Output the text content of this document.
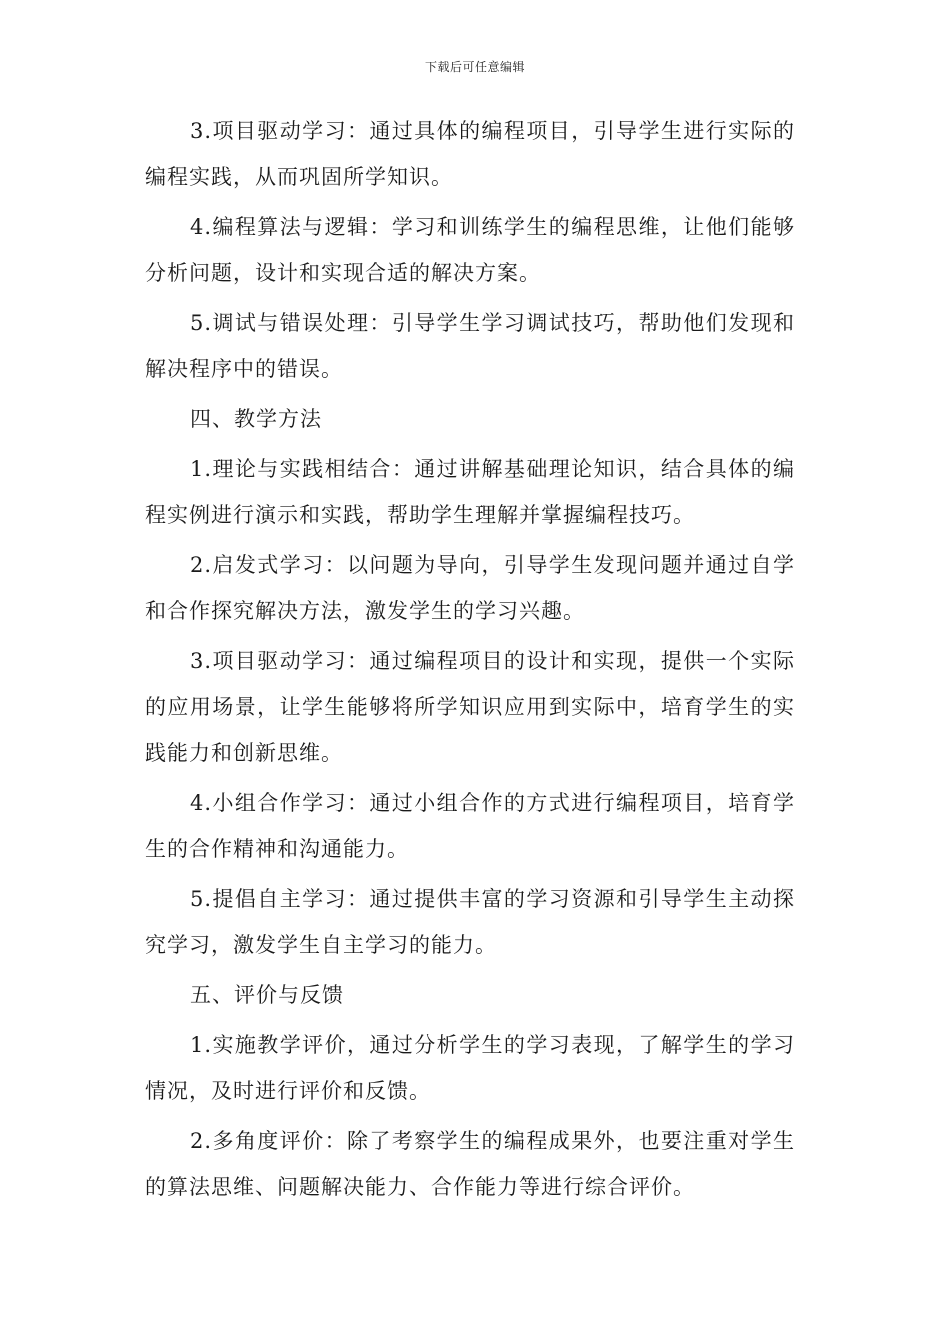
下载后可任意编辑

3.项目驱动学习：通过具体的编程项目，引导学生进行实际的编程实践，从而巩固所学知识。

4.编程算法与逻辑：学习和训练学生的编程思维，让他们能够分析问题，设计和实现合适的解决方案。

5.调试与错误处理：引导学生学习调试技巧，帮助他们发现和解决程序中的错误。

四、教学方法

1.理论与实践相结合：通过讲解基础理论知识，结合具体的编程实例进行演示和实践，帮助学生理解并掌握编程技巧。

2.启发式学习：以问题为导向，引导学生发现问题并通过自学和合作探究解决方法，激发学生的学习兴趣。

3.项目驱动学习：通过编程项目的设计和实现，提供一个实际的应用场景，让学生能够将所学知识应用到实际中，培育学生的实践能力和创新思维。

4.小组合作学习：通过小组合作的方式进行编程项目，培育学生的合作精神和沟通能力。

5.提倡自主学习：通过提供丰富的学习资源和引导学生主动探究学习，激发学生自主学习的能力。

五、评价与反馈

1.实施教学评价，通过分析学生的学习表现，了解学生的学习情况，及时进行评价和反馈。

2.多角度评价：除了考察学生的编程成果外，也要注重对学生的算法思维、问题解决能力、合作能力等进行综合评价。
